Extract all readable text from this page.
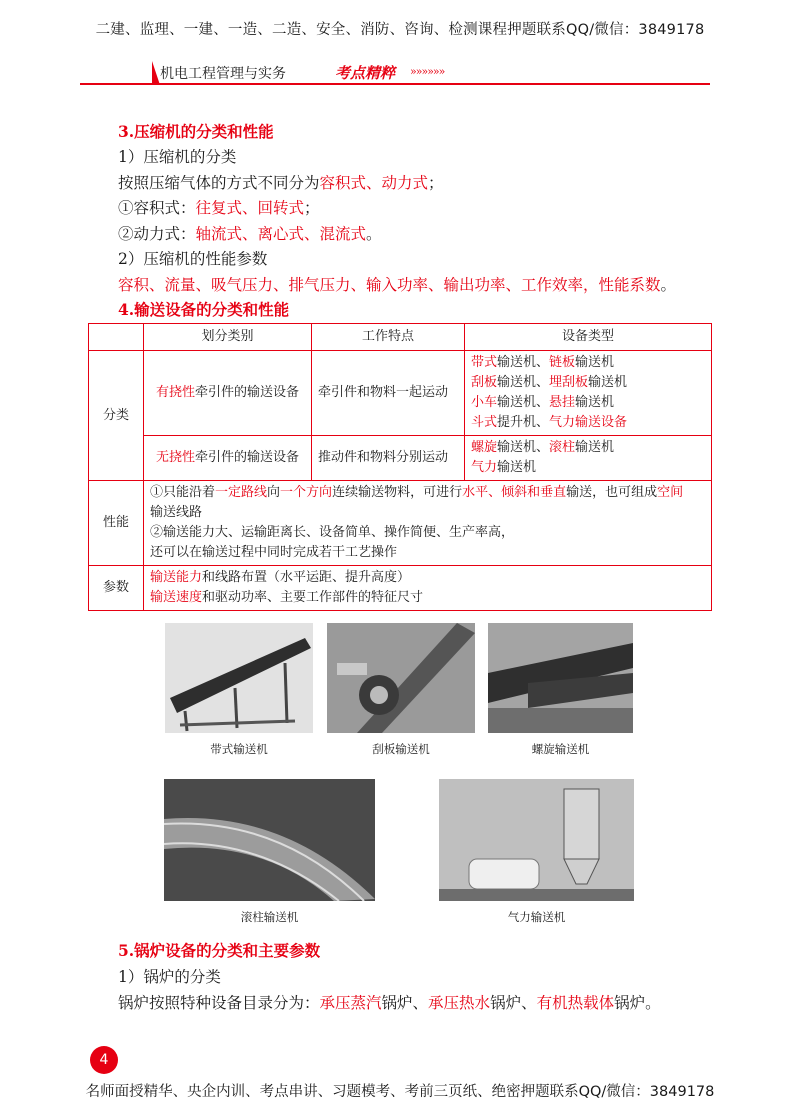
二建、监理、一建、一造、二造、安全、消防、咨询、检测课程押题联系QQ/微信：3849178
机电工程管理与实务	考点精粹 »»»»»»
3.压缩机的分类和性能
1）压缩机的分类
按照压缩气体的方式不同分为容积式、动力式；
①容积式：往复式、回转式；
②动力式：轴流式、离心式、混流式。
2）压缩机的性能参数
容积、流量、吸气压力、排气压力、输入功率、输出功率、工作效率，性能系数。
4.输送设备的分类和性能
	划分类别	工作特点	设备类型
分类	有挠性牵引件的输送设备	牵引件和物料一起运动	带式输送机、链板输送机
刮板输送机、埋刮板输送机
小车输送机、悬挂输送机
斗式提升机、气力输送设备

	无挠性牵引件的输送设备	推动件和物料分别运动	螺旋输送机、滚柱输送机
气力输送机

性能	①只能沿着一定路线向一个方向连续输送物料，可进行水平、倾斜和垂直输送，也可组成空间
输送线路
②输送能力大、运输距离长、设备简单、操作简便、生产率高，
还可以在输送过程中同时完成若干工艺操作		

参数	输送能力和线路布置（水平运距、提升高度）
输送速度和驱动功率、主要工作部件的特征尺寸		
带式输送机	刮板输送机	螺旋输送机
滚柱输送机	气力输送机
5.锅炉设备的分类和主要参数
1）锅炉的分类
锅炉按照特种设备目录分为：承压蒸汽锅炉、承压热水锅炉、有机热载体锅炉。
4
名师面授精华、央企内训、考点串讲、习题模考、考前三页纸、绝密押题联系QQ/微信：3849178
